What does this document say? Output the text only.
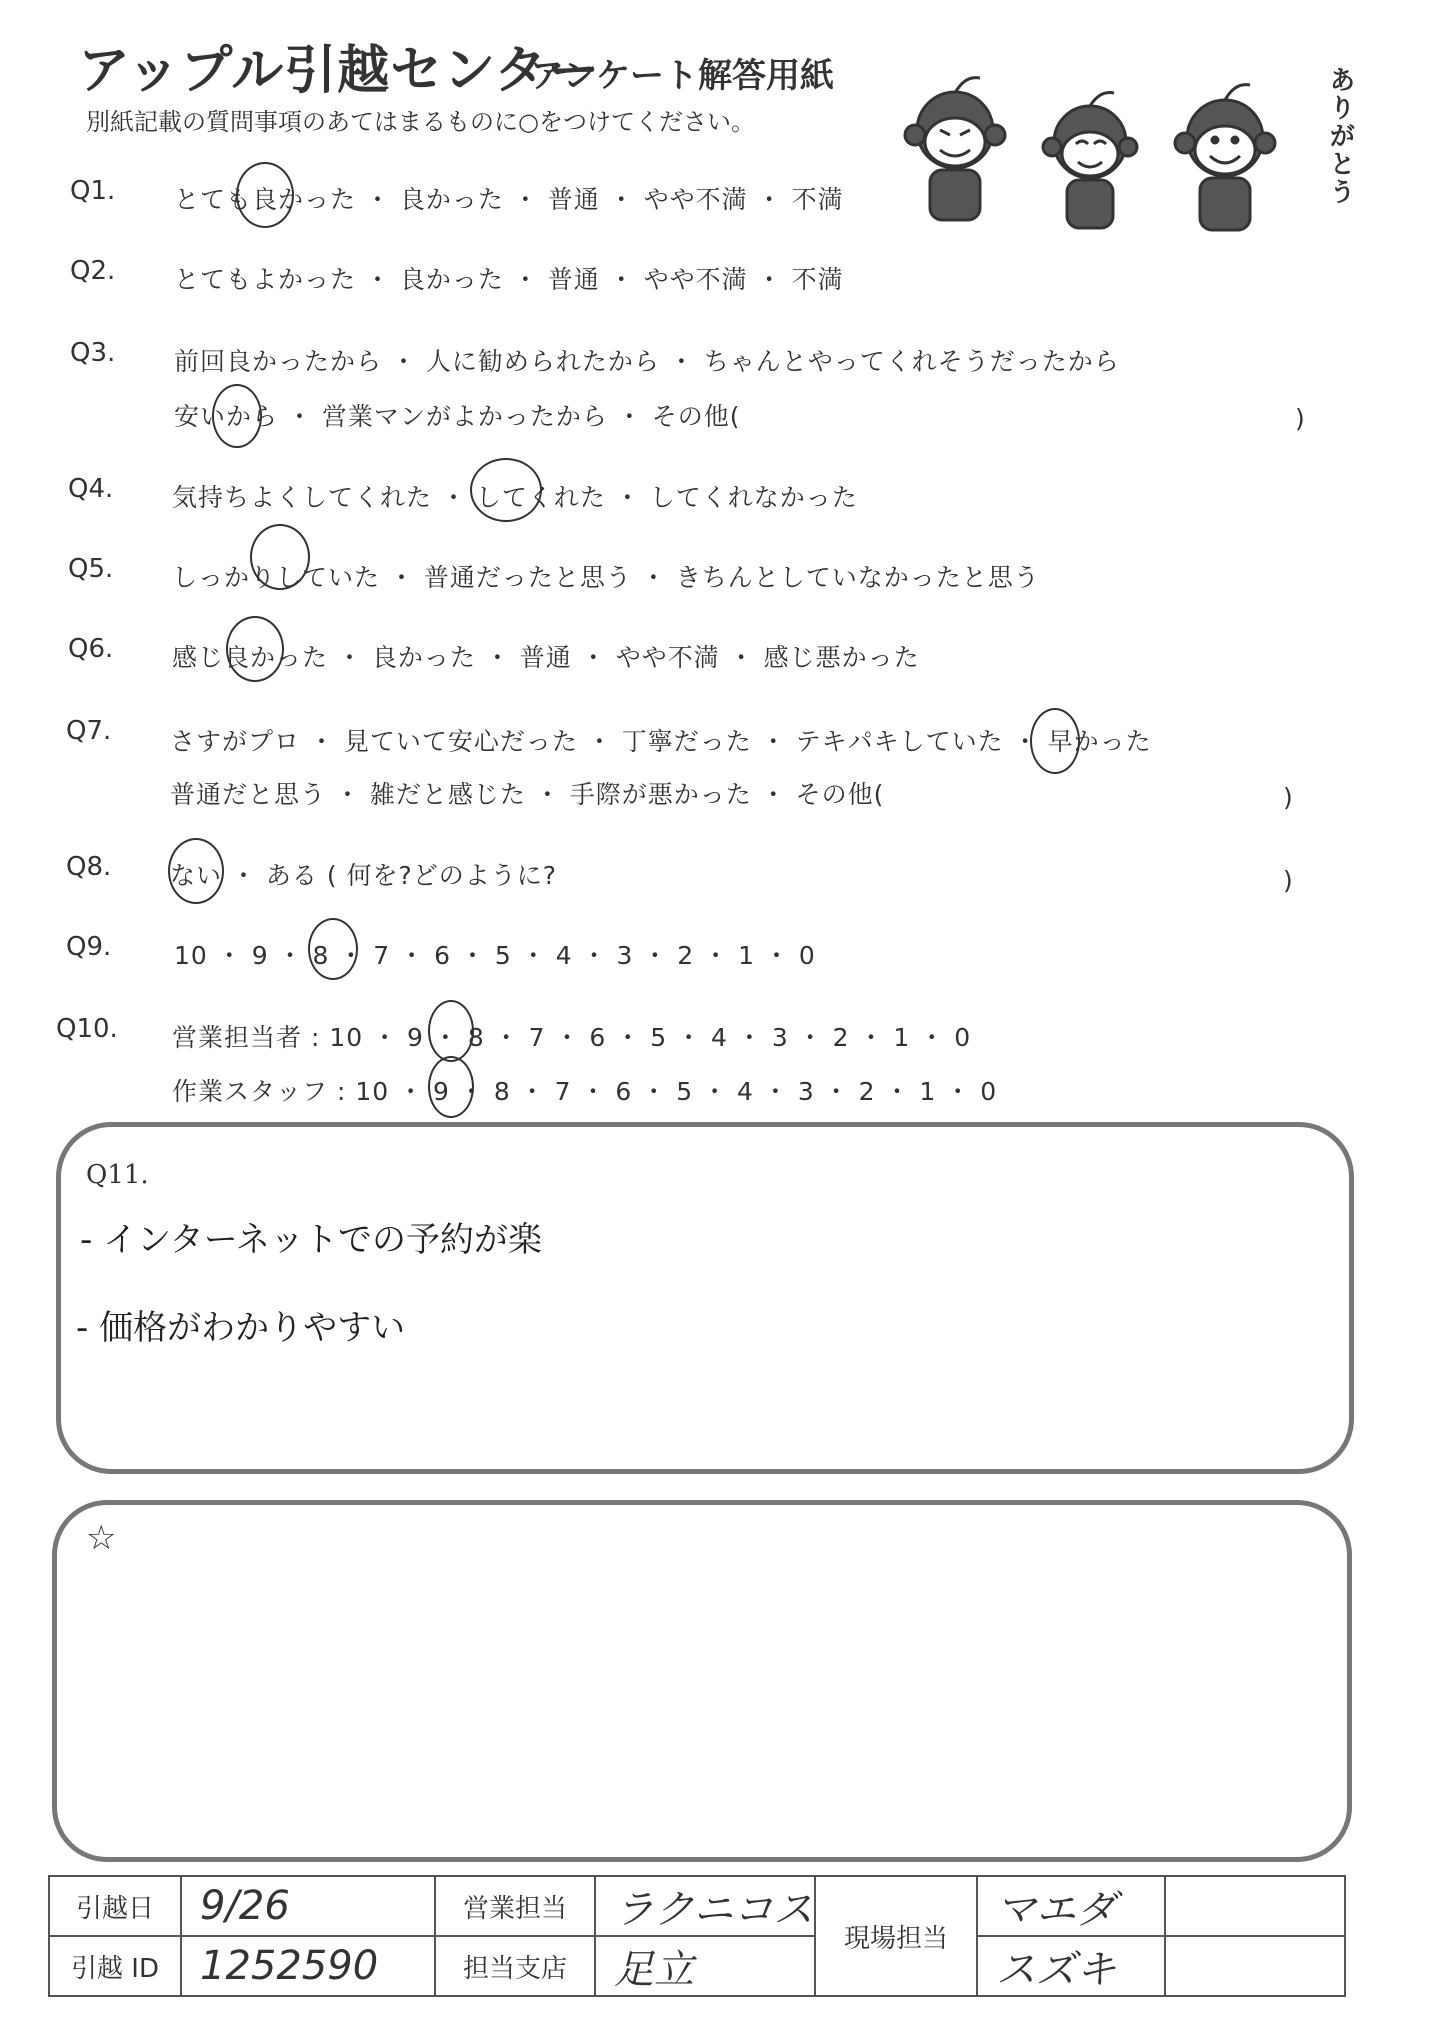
アップル引越センター
アンケート解答用紙
別紙記載の質問事項のあてはまるものに○をつけてください。	ありがとう
Q1. とても良かった ・ 良かった ・ 普通 ・ やや不満 ・ 不満
Q2. とてもよかった ・ 良かった ・ 普通 ・ やや不満 ・ 不満
Q3. 前回良かったから ・ 人に勧められたから ・ ちゃんとやってくれそうだったから
安いから ・ 営業マンがよかったから ・ その他(	)
Q4. 気持ちよくしてくれた ・ してくれた ・ してくれなかった
Q5. しっかりしていた ・ 普通だったと思う ・ きちんとしていなかったと思う
Q6. 感じ良かった ・ 良かった ・ 普通 ・ やや不満 ・ 感じ悪かった
Q7. さすがプロ ・ 見ていて安心だった ・ 丁寧だった ・ テキパキしていた ・ 早かった
普通だと思う ・ 雑だと感じた ・ 手際が悪かった ・ その他(	)
Q8. ない ・ ある ( 何を?どのように?	)
Q9.	10 ・ 9 ・ 8 ・ 7 ・ 6 ・ 5 ・ 4 ・ 3 ・ 2 ・ 1 ・ 0
Q10. 営業担当者 : 10 ・ 9 ・ 8 ・ 7 ・ 6 ・ 5 ・ 4 ・ 3 ・ 2 ・ 1 ・ 0
作業スタッフ : 10 ・ 9 ・ 8 ・ 7 ・ 6 ・ 5 ・ 4 ・ 3 ・ 2 ・ 1 ・ 0
Q11.
- インターネットでの予約が楽
- 価格がわかりやすい
☆
引越日	9/26	営業担当	ラクニコス	現場担当	マエダ	
引越 ID	1252590	担当支店	足立		スズキ	
